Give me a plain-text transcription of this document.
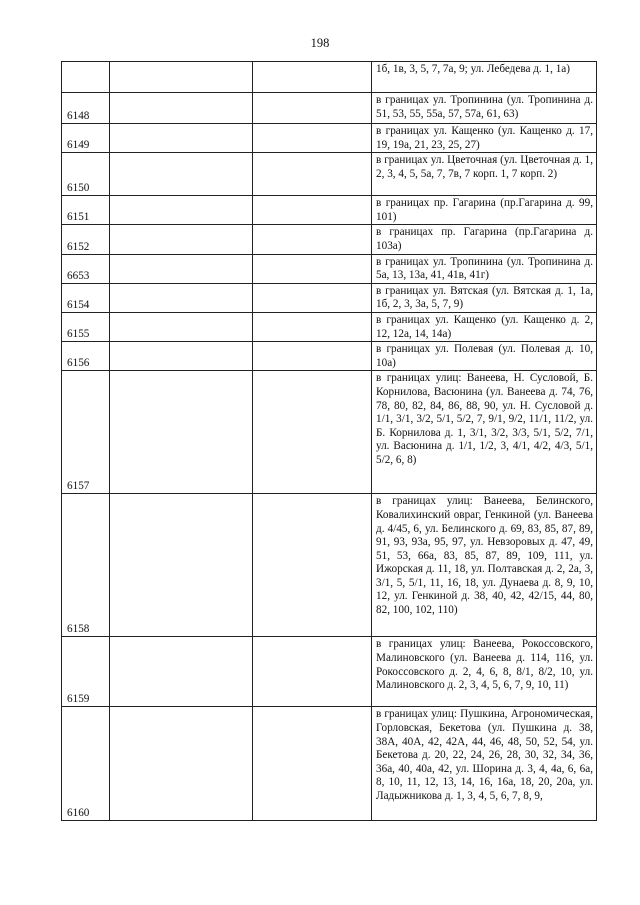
198

			1б, 1в, 3, 5, 7, 7а, 9; ул. Лебедева д. 1, 1а)

6148			в границах ул. Тропинина (ул. Тропинина д. 51, 53, 55, 55а, 57, 57а, 61, 63)

6149			в границах ул. Кащенко (ул. Кащенко д. 17, 19, 19а, 21, 23, 25, 27)

6150			в границах ул. Цветочная (ул. Цветочная д. 1, 2, 3, 4, 5, 5а, 7, 7в, 7 корп. 1, 7 корп. 2)

6151			в границах пр. Гагарина (пр.Гагарина д. 99, 101)

6152			в границах пр. Гагарина (пр.Гагарина д. 103а)

6653			в границах ул. Тропинина (ул. Тропинина д. 5а, 13, 13а, 41, 41в, 41г)

6154			в границах ул. Вятская (ул. Вятская д. 1, 1а, 1б, 2, 3, 3а, 5, 7, 9)

6155			в границах ул. Кащенко (ул. Кащенко д. 2, 12, 12а, 14, 14а)

6156			в границах ул. Полевая (ул. Полевая д. 10, 10а)

6157			в границах улиц: Ванеева, Н. Сусловой, Б. Корнилова, Васюнина (ул. Ванеева д. 74, 76, 78, 80, 82, 84, 86, 88, 90, ул. Н. Сусловой д. 1/1, 3/1, 3/2, 5/1, 5/2, 7, 9/1, 9/2, 11/1, 11/2, ул. Б. Корнилова д. 1, 3/1, 3/2, 3/3, 5/1, 5/2, 7/1, ул. Васюнина д. 1/1, 1/2, 3, 4/1, 4/2, 4/3, 5/1, 5/2, 6, 8)

6158			в границах улиц: Ванеева, Белинского, Ковалихинский овраг, Генкиной (ул. Ванеева д. 4/45, 6, ул. Белинского д. 69, 83, 85, 87, 89, 91, 93, 93а, 95, 97, ул. Невзоровых д. 47, 49, 51, 53, 66а, 83, 85, 87, 89, 109, 111, ул. Ижорская д. 11, 18, ул. Полтавская д. 2, 2а, 3, 3/1, 5, 5/1, 11, 16, 18, ул. Дунаева д. 8, 9, 10, 12, ул. Генкиной д. 38, 40, 42, 42/15, 44, 80, 82, 100, 102, 110)

6159			в границах улиц: Ванеева, Рокоссовского, Малиновского (ул. Ванеева д. 114, 116, ул. Рокоссовского д. 2, 4, 6, 8, 8/1, 8/2, 10, ул. Малиновского д. 2, 3, 4, 5, 6, 7, 9, 10, 11)

6160			в границах улиц: Пушкина, Агрономическая, Горловская, Бекетова (ул. Пушкина д. 38, 38А, 40А, 42, 42А, 44, 46, 48, 50, 52, 54, ул. Бекетова д. 20, 22, 24, 26, 28, 30, 32, 34, 36, 36а, 40, 40а, 42, ул. Шорина д. 3, 4, 4а, 6, 6а, 8, 10, 11, 12, 13, 14, 16, 16а, 18, 20, 20а, ул. Ладыжникова д. 1, 3, 4, 5, 6, 7, 8, 9,
